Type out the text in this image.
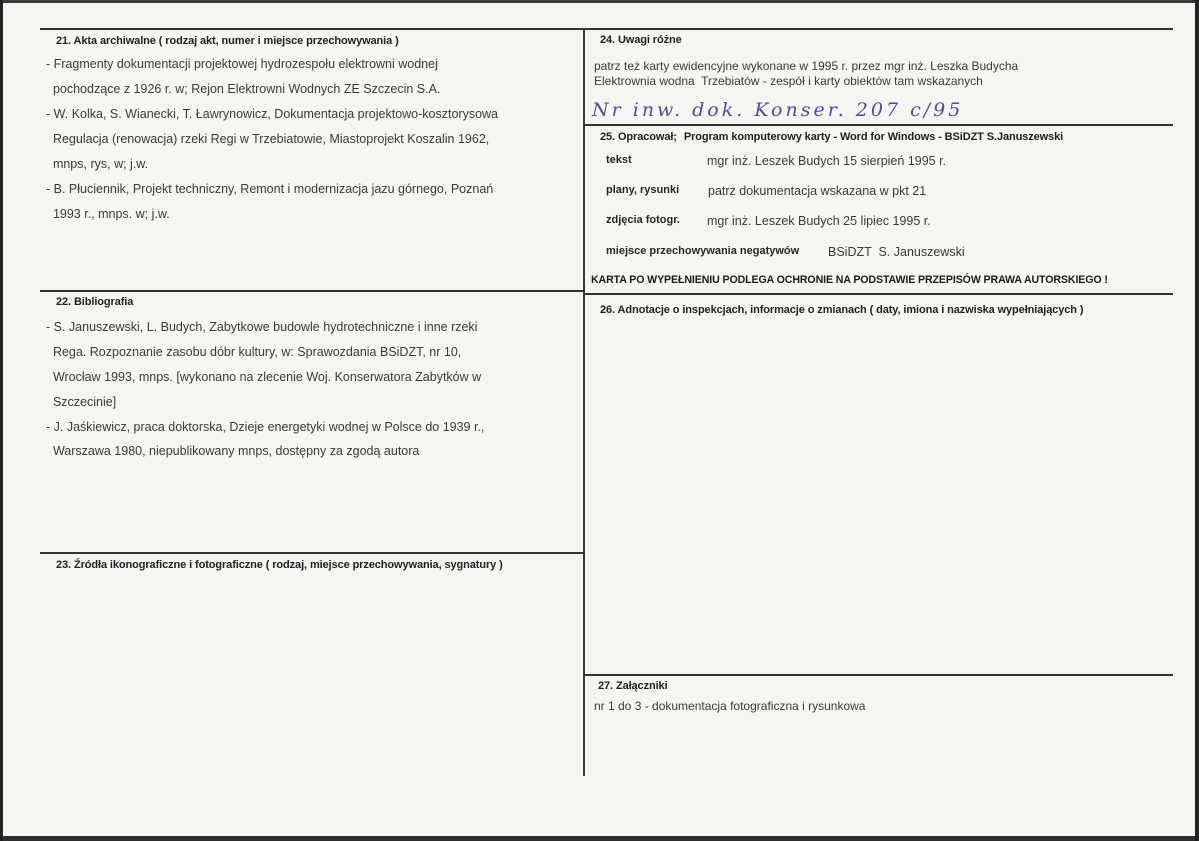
21. Akta archiwalne ( rodzaj akt, numer i miejsce przechowywania )
- Fragmenty dokumentacji projektowej hydrozespołu elektrowni wodnej
pochodzące z 1926 r. w; Rejon Elektrowni Wodnych ZE Szczecin S.A.
- W. Kolka, S. Wianecki, T. Ławrynowicz, Dokumentacja projektowo-kosztorysowa
Regulacja (renowacja) rzeki Regi w Trzebiatowie, Miastoprojekt Koszalin 1962,
mnps, rys, w; j.w.
- B. Płuciennik, Projekt techniczny, Remont i modernizacja jazu górnego, Poznań
1993 r., mnps. w; j.w.
22. Bibliografia
- S. Januszewski, L. Budych, Zabytkowe budowle hydrotechniczne i inne rzeki
Rega. Rozpoznanie zasobu dóbr kultury, w: Sprawozdania BSiDZT, nr 10,
Wrocław 1993, mnps. [wykonano na zlecenie Woj. Konserwatora Zabytków w
Szczecinie]
- J. Jaśkiewicz, praca doktorska, Dzieje energetyki wodnej w Polsce do 1939 r.,
Warszawa 1980, niepublikowany mnps, dostępny za zgodą autora
23. Źródła ikonograficzne i fotograficzne ( rodzaj, miejsce przechowywania, sygnatury )
24. Uwagi różne
patrz też karty ewidencyjne wykonane w 1995 r. przez mgr inż. Leszka Budycha
Elektrownia wodna  Trzebiatów - zespół i karty obiektów tam wskazanych
Nr inw. dok. Konser. 207 c/95
25. Opracował; Program komputerowy karty - Word for Windows - BSiDZT S.Januszewski
tekst	mgr inż. Leszek Budych 15 sierpień 1995 r.
plany, rysunki patrz dokumentacja wskazana w pkt 21
zdjęcia fotogr. mgr inż. Leszek Budych 25 lipiec 1995 r.
miejsce przechowywania negatywów BSiDZT  S. Januszewski
KARTA PO WYPEŁNIENIU PODLEGA OCHRONIE NA PODSTAWIE PRZEPISÓW PRAWA AUTORSKIEGO !
26. Adnotacje o inspekcjach, informacje o zmianach ( daty, imiona i nazwiska wypełniających )
27. Załączniki
nr 1 do 3 - dokumentacja fotograficzna i rysunkowa
